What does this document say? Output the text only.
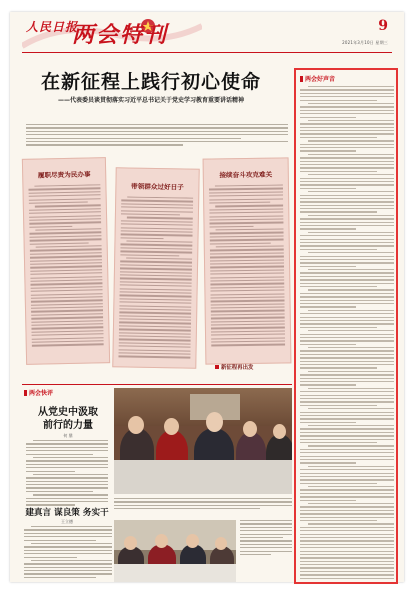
人民日报
两会特刊	9
2021年3月10日 星期三
在新征程上践行初心使命
——代表委员谈贯彻落实习近平总书记关于党史学习教育重要讲话精神
履职尽责为民办事
带领群众过好日子
接续奋斗攻克难关
新征程再出发
两会好声音
两会快评
从党史中汲取
前行的力量
何 鼎
建真言 谋良策 务实干
王立德
